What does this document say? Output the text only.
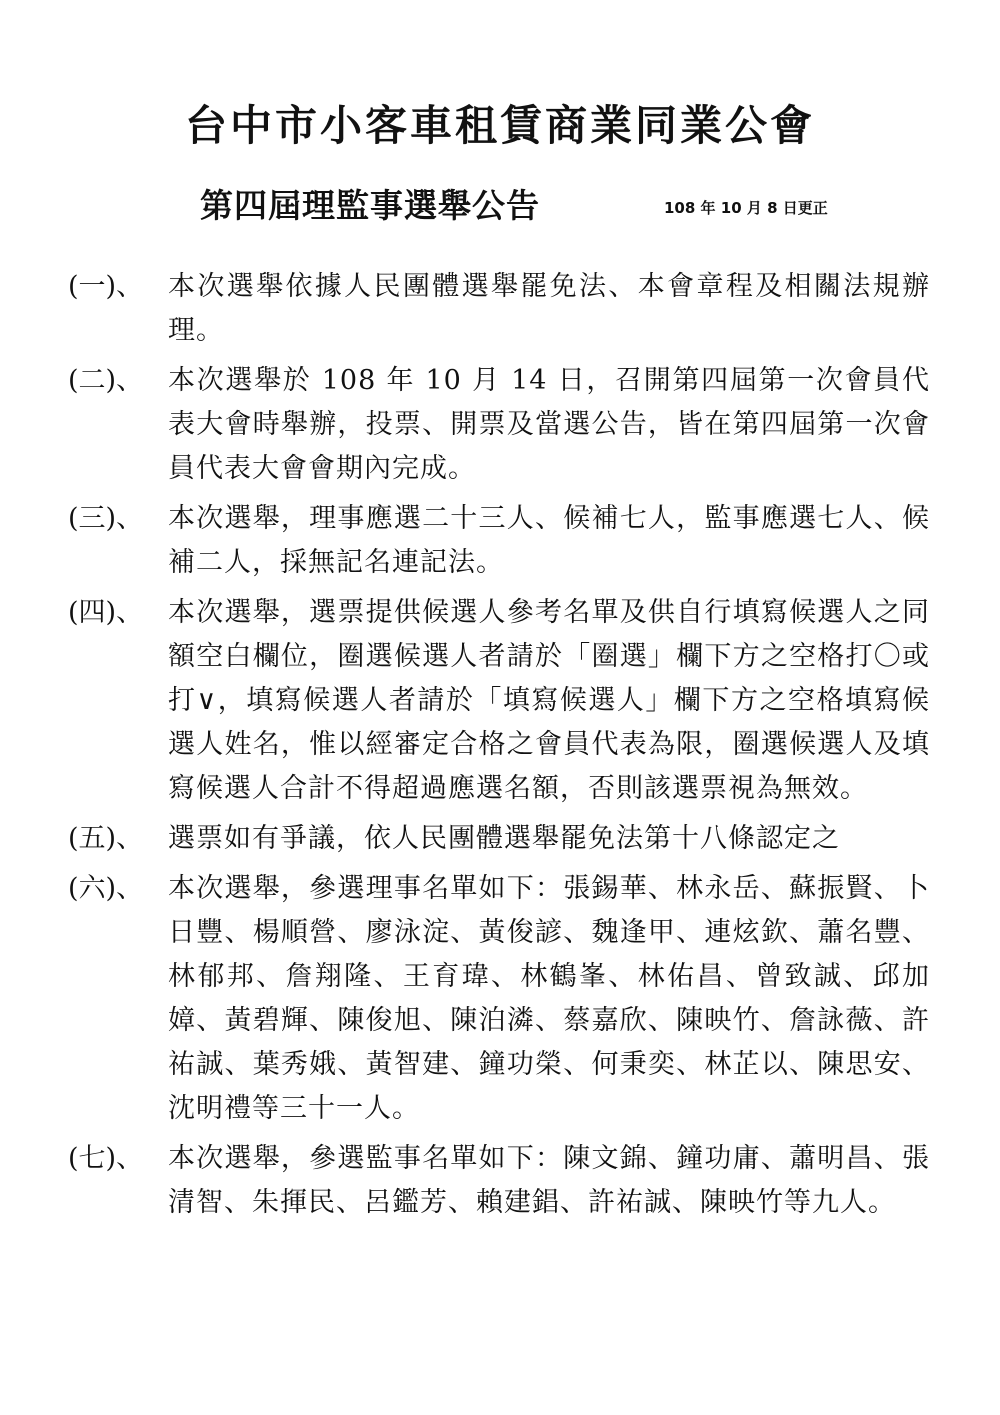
台中市小客車租賃商業同業公會
第四屆理監事選舉公告	108 年 10 月 8 日更正
(一)、 本次選舉依據人民團體選舉罷免法、本會章程及相關法規辦理。
(二)、 本次選舉於 108 年 10 月 14 日，召開第四屆第一次會員代表大會時舉辦，投票、開票及當選公告，皆在第四屆第一次會員代表大會會期內完成。
(三)、 本次選舉，理事應選二十三人、候補七人，監事應選七人、候補二人，採無記名連記法。
(四)、 本次選舉，選票提供候選人參考名單及供自行填寫候選人之同額空白欄位，圈選候選人者請於「圈選」欄下方之空格打〇或打∨，填寫候選人者請於「填寫候選人」欄下方之空格填寫候選人姓名，惟以經審定合格之會員代表為限，圈選候選人及填寫候選人合計不得超過應選名額，否則該選票視為無效。
(五)、 選票如有爭議，依人民團體選舉罷免法第十八條認定之
(六)、 本次選舉，參選理事名單如下：張錫華、林永岳、蘇振賢、卜日豐、楊順營、廖泳淀、黃俊諺、魏逢甲、連炫欽、蕭名豐、林郁邦、詹翔隆、王育瑋、林鶴峯、林佑昌、曾致誠、邱加嫜、黃碧輝、陳俊旭、陳泊潾、蔡嘉欣、陳映竹、詹詠薇、許祐誠、葉秀娥、黃智建、鐘功榮、何秉奕、林芷以、陳思安、沈明禮等三十一人。
(七)、 本次選舉，參選監事名單如下：陳文錦、鐘功庸、蕭明昌、張清智、朱揮民、呂鑑芳、賴建錩、許祐誠、陳映竹等九人。
